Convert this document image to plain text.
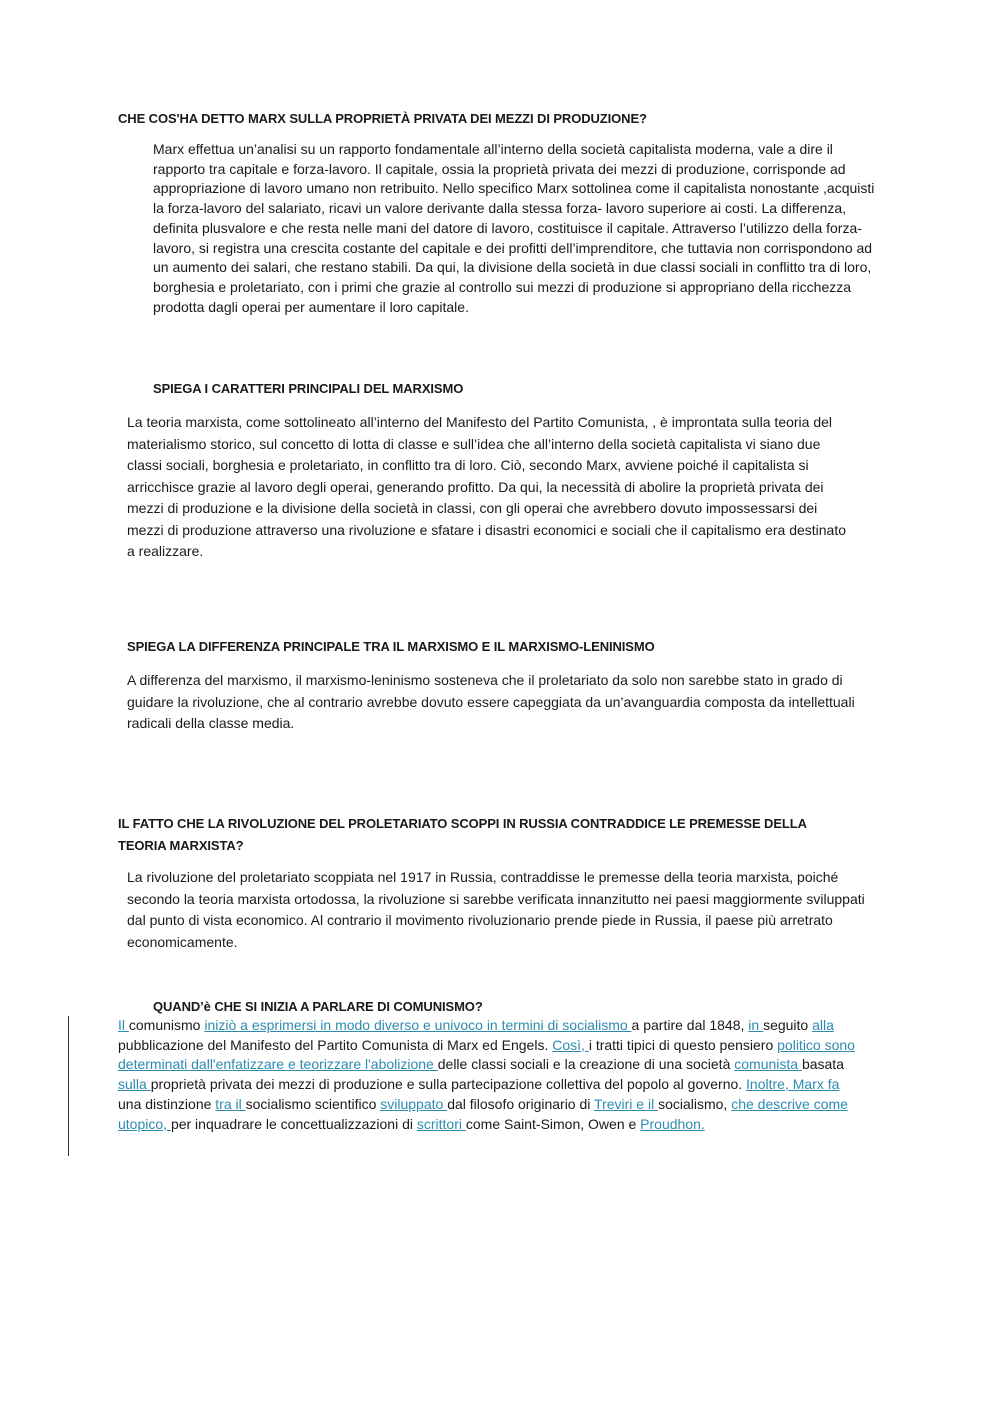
CHE COS'HA DETTO MARX SULLA PROPRIETÀ PRIVATA DEI MEZZI DI PRODUZIONE?

Marx effettua un’analisi su un rapporto fondamentale all’interno della società capitalista moderna, vale a dire il rapporto tra capitale e forza-lavoro. Il capitale, ossia la proprietà privata dei mezzi di produzione, corrisponde ad appropriazione di lavoro umano non retribuito. Nello specifico Marx sottolinea come il capitalista nonostante ,acquisti la forza-lavoro del salariato, ricavi un valore derivante dalla stessa forza- lavoro superiore ai costi. La differenza, definita plusvalore e che resta nelle mani del datore di lavoro, costituisce il capitale. Attraverso l’utilizzo della forza-lavoro, si registra una crescita costante del capitale e dei profitti dell’imprenditore, che tuttavia non corrispondono ad un aumento dei salari, che restano stabili. Da qui, la divisione della società in due classi sociali in conflitto tra di loro, borghesia e proletariato, con i primi che grazie al controllo sui mezzi di produzione si appropriano della ricchezza prodotta dagli operai per aumentare il loro capitale.

SPIEGA I CARATTERI PRINCIPALI DEL MARXISMO

La teoria marxista, come sottolineato all’interno del Manifesto del Partito Comunista, , è improntata sulla teoria del materialismo storico, sul concetto di lotta di classe e sull’idea che all’interno della società capitalista vi siano due classi sociali, borghesia e proletariato, in conflitto tra di loro. Ciò, secondo Marx, avviene poiché il capitalista si arricchisce grazie al lavoro degli operai, generando profitto. Da qui, la necessità di abolire la proprietà privata dei mezzi di produzione e la divisione della società in classi, con gli operai che avrebbero dovuto impossessarsi dei mezzi di produzione attraverso una rivoluzione e sfatare i disastri economici e sociali che il capitalismo era destinato a realizzare.

SPIEGA LA DIFFERENZA PRINCIPALE TRA IL MARXISMO E IL MARXISMO-LENINISMO

A differenza del marxismo, il marxismo-leninismo sosteneva che il proletariato da solo non sarebbe stato in grado di guidare la rivoluzione, che al contrario avrebbe dovuto essere capeggiata da un’avanguardia composta da intellettuali radicali della classe media.

IL FATTO CHE LA RIVOLUZIONE DEL PROLETARIATO SCOPPI IN RUSSIA CONTRADDICE LE PREMESSE DELLA TEORIA MARXISTA?

La rivoluzione del proletariato scoppiata nel 1917 in Russia, contraddisse le premesse della teoria marxista, poiché secondo la teoria marxista ortodossa, la rivoluzione si sarebbe verificata innanzitutto nei paesi maggiormente sviluppati dal punto di vista economico. Al contrario il movimento rivoluzionario prende piede in Russia, il paese più arretrato economicamente.

QUAND’è CHE SI INIZIA A PARLARE DI COMUNISMO?

Il comunismo iniziò a esprimersi in modo diverso e univoco in termini di socialismo a partire dal 1848, in seguito alla pubblicazione del Manifesto del Partito Comunista di Marx ed Engels. Così, i tratti tipici di questo pensiero politico sono determinati dall'enfatizzare e teorizzare l'abolizione delle classi sociali e la creazione di una società comunista basata sulla proprietà privata dei mezzi di produzione e sulla partecipazione collettiva del popolo al governo. Inoltre, Marx fa una distinzione tra il socialismo scientifico sviluppato dal filosofo originario di Treviri e il socialismo, che descrive come utopico, per inquadrare le concettualizzazioni di scrittori come Saint-Simon, Owen e Proudhon.
